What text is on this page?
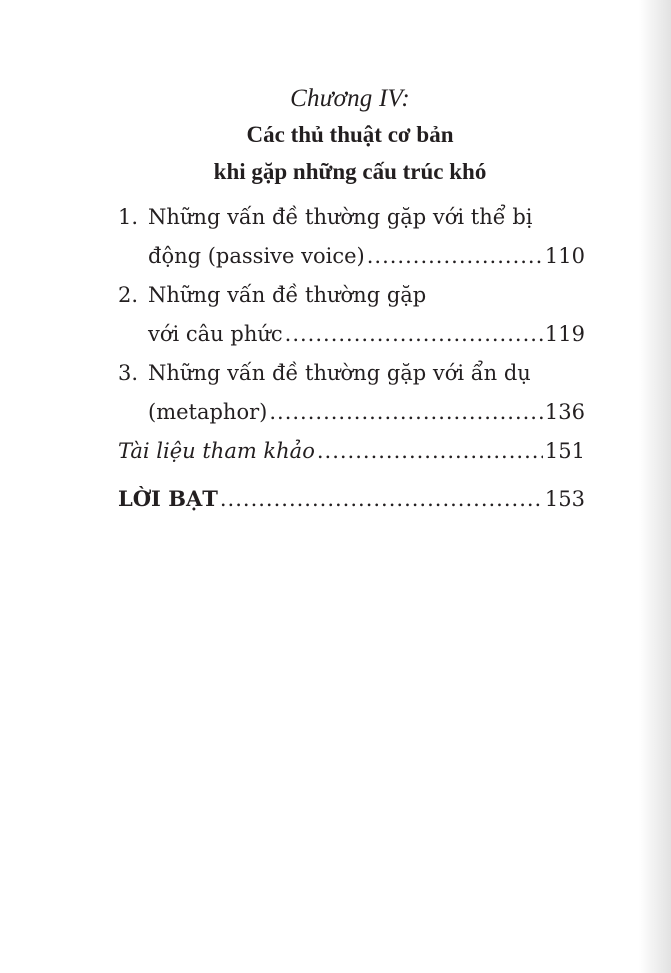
Chương IV:
Các thủ thuật cơ bản
khi gặp những cấu trúc khó
1. Những vấn đề thường gặp với thể bị
động (passive voice) .....	110
2. Những vấn đề thường gặp
với câu phức .....	119
3. Những vấn đề thường gặp với ẩn dụ
(metaphor) .....	136
Tài liệu tham khảo .....	151
LỜI BẠT .....	153
